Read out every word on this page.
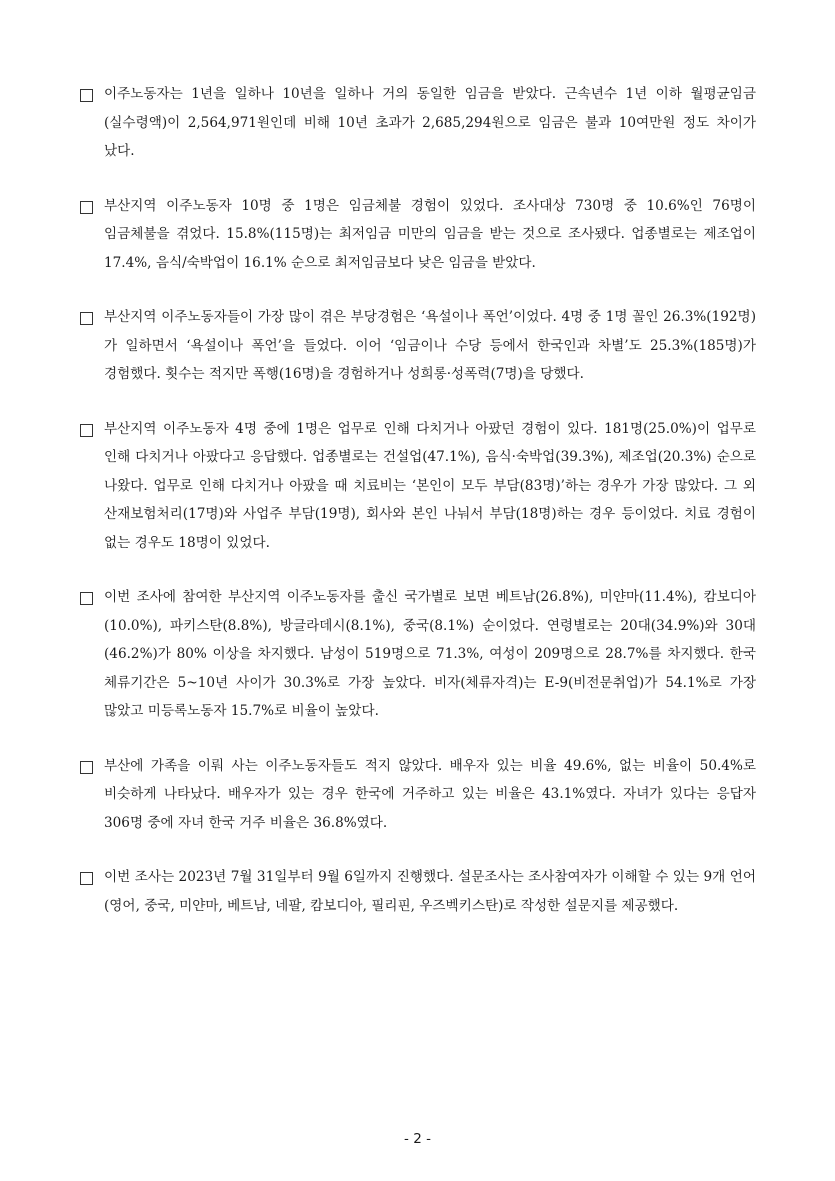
이주노동자는 1년을 일하나 10년을 일하나 거의 동일한 임금을 받았다. 근속년수 1년 이하 월평균임금(실수령액)이 2,564,971원인데 비해 10년 초과가 2,685,294원으로 임금은 불과 10여만원 정도 차이가 났다.
부산지역 이주노동자 10명 중 1명은 임금체불 경험이 있었다. 조사대상 730명 중 10.6%인 76명이 임금체불을 겪었다. 15.8%(115명)는 최저임금 미만의 임금을 받는 것으로 조사됐다. 업종별로는 제조업이 17.4%, 음식/숙박업이 16.1% 순으로 최저임금보다 낮은 임금을 받았다.
부산지역 이주노동자들이 가장 많이 겪은 부당경험은 ‘욕설이나 폭언’이었다. 4명 중 1명 꼴인 26.3%(192명)가 일하면서 ‘욕설이나 폭언’을 들었다. 이어 ‘임금이나 수당 등에서 한국인과 차별’도 25.3%(185명)가 경험했다. 횟수는 적지만 폭행(16명)을 경험하거나 성희롱·성폭력(7명)을 당했다.
부산지역 이주노동자 4명 중에 1명은 업무로 인해 다치거나 아팠던 경험이 있다. 181명(25.0%)이 업무로 인해 다치거나 아팠다고 응답했다. 업종별로는 건설업(47.1%), 음식·숙박업(39.3%), 제조업(20.3%) 순으로 나왔다. 업무로 인해 다치거나 아팠을 때 치료비는 ‘본인이 모두 부담(83명)’하는 경우가 가장 많았다. 그 외 산재보험처리(17명)와 사업주 부담(19명), 회사와 본인 나눠서 부담(18명)하는 경우 등이었다. 치료 경험이 없는 경우도 18명이 있었다.
이번 조사에 참여한 부산지역 이주노동자를 출신 국가별로 보면 베트남(26.8%), 미얀마(11.4%), 캄보디아(10.0%), 파키스탄(8.8%), 방글라데시(8.1%), 중국(8.1%) 순이었다. 연령별로는 20대(34.9%)와 30대(46.2%)가 80% 이상을 차지했다. 남성이 519명으로 71.3%, 여성이 209명으로 28.7%를 차지했다. 한국 체류기간은 5~10년 사이가 30.3%로 가장 높았다. 비자(체류자격)는 E-9(비전문취업)가 54.1%로 가장 많았고 미등록노동자 15.7%로 비율이 높았다.
부산에 가족을 이뤄 사는 이주노동자들도 적지 않았다. 배우자 있는 비율 49.6%, 없는 비율이 50.4%로 비슷하게 나타났다. 배우자가 있는 경우 한국에 거주하고 있는 비율은 43.1%였다. 자녀가 있다는 응답자 306명 중에 자녀 한국 거주 비율은 36.8%였다.
이번 조사는 2023년 7월 31일부터 9월 6일까지 진행했다. 설문조사는 조사참여자가 이해할 수 있는 9개 언어(영어, 중국, 미얀마, 베트남, 네팔, 캄보디아, 필리핀, 우즈벡키스탄)로 작성한 설문지를 제공했다.
- 2 -
